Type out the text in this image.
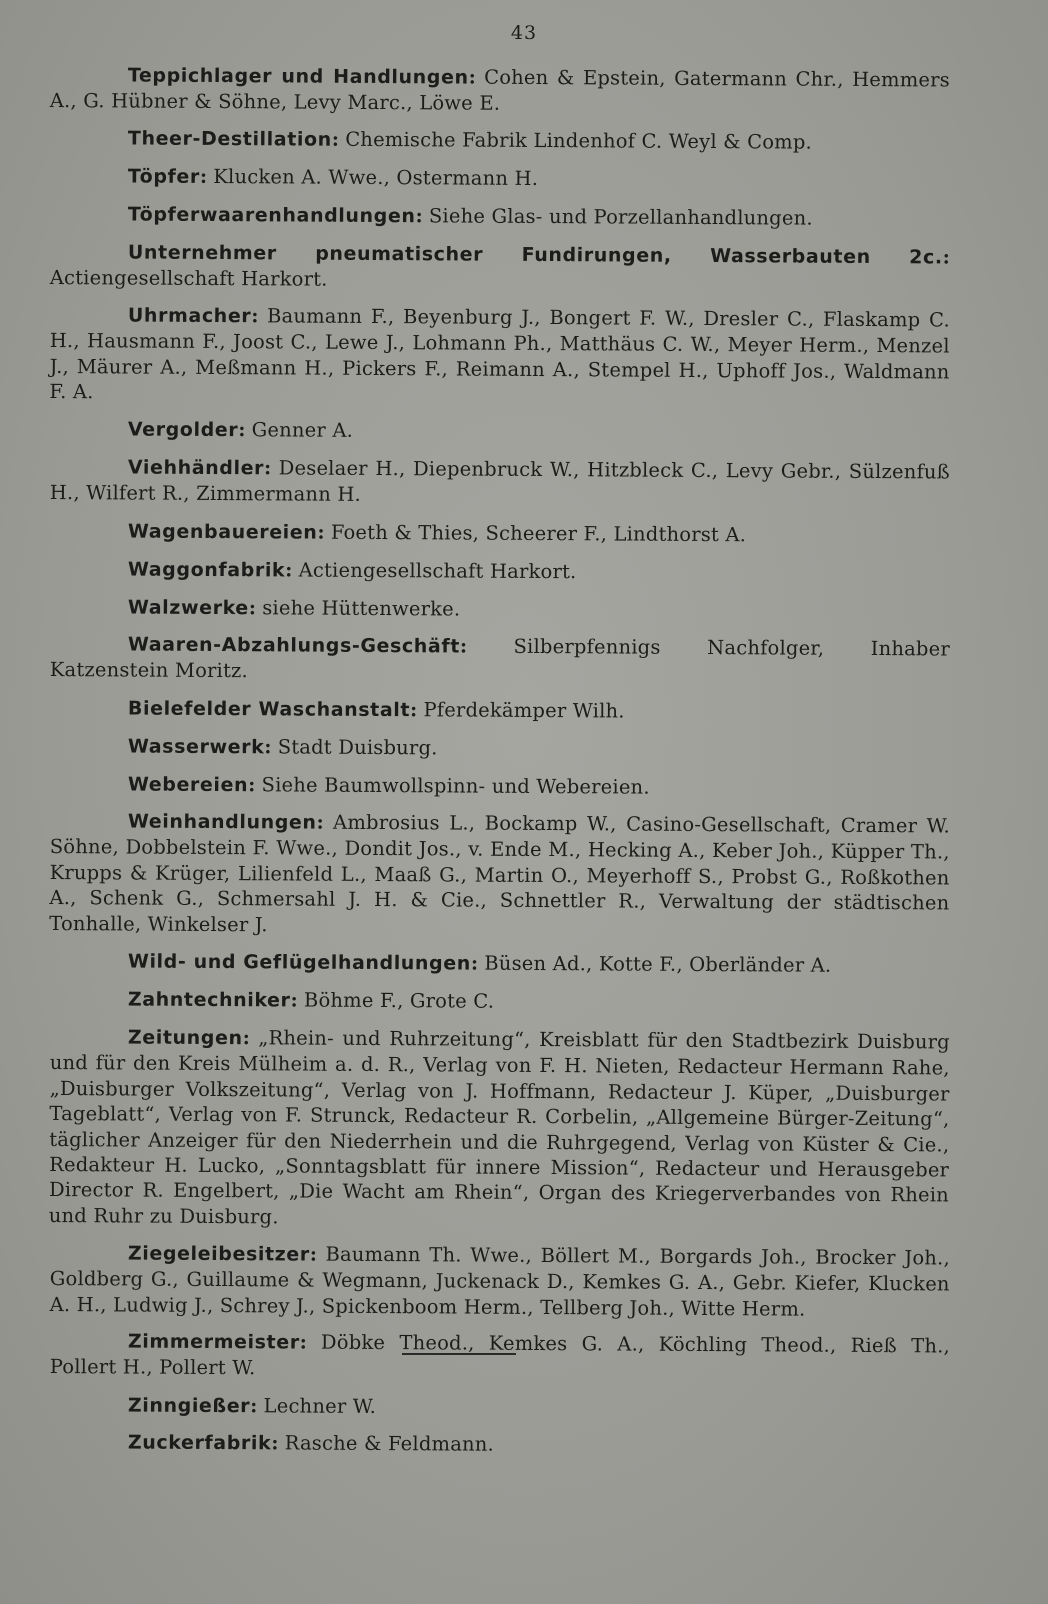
43

Teppichlager und Handlungen: Cohen & Epstein, Gatermann Chr., Hemmers A., G. Hübner & Söhne, Levy Marc., Löwe E.

Theer-Destillation: Chemische Fabrik Lindenhof C. Weyl & Comp.

Töpfer: Klucken A. Wwe., Ostermann H.

Töpferwaarenhandlungen: Siehe Glas- und Porzellanhandlungen.

Unternehmer pneumatischer Fundirungen, Wasserbauten 2c.: Actiengesellschaft Harkort.

Uhrmacher: Baumann F., Beyenburg J., Bongert F. W., Dresler C., Flaskamp C. H., Hausmann F., Joost C., Lewe J., Lohmann Ph., Matthäus C. W., Meyer Herm., Menzel J., Mäurer A., Meßmann H., Pickers F., Reimann A., Stempel H., Uphoff Jos., Waldmann F. A.

Vergolder: Genner A.

Viehhändler: Deselaer H., Diepenbruck W., Hitzbleck C., Levy Gebr., Sülzenfuß H., Wilfert R., Zimmermann H.

Wagenbauereien: Foeth & Thies, Scheerer F., Lindthorst A.

Waggonfabrik: Actiengesellschaft Harkort.

Walzwerke: siehe Hüttenwerke.

Waaren-Abzahlungs-Geschäft: Silberpfennigs Nachfolger, Inhaber Katzenstein Moritz.

Bielefelder Waschanstalt: Pferdekämper Wilh.

Wasserwerk: Stadt Duisburg.

Webereien: Siehe Baumwollspinn- und Webereien.

Weinhandlungen: Ambrosius L., Bockamp W., Casino-Gesellschaft, Cramer W. Söhne, Dobbelstein F. Wwe., Dondit Jos., v. Ende M., Hecking A., Keber Joh., Küpper Th., Krupps & Krüger, Lilienfeld L., Maaß G., Martin O., Meyerhoff S., Probst G., Roßkothen A., Schenk G., Schmersahl J. H. & Cie., Schnettler R., Verwaltung der städtischen Tonhalle, Winkelser J.

Wild- und Geflügelhandlungen: Büsen Ad., Kotte F., Oberländer A.

Zahntechniker: Böhme F., Grote C.

Zeitungen: „Rhein- und Ruhrzeitung“, Kreisblatt für den Stadtbezirk Duisburg und für den Kreis Mülheim a. d. R., Verlag von F. H. Nieten, Redacteur Hermann Rahe, „Duisburger Volkszeitung“, Verlag von J. Hoffmann, Redacteur J. Küper, „Duisburger Tageblatt“, Verlag von F. Strunck, Redacteur R. Corbelin, „Allgemeine Bürger-Zeitung“, täglicher Anzeiger für den Niederrhein und die Ruhrgegend, Verlag von Küster & Cie., Redakteur H. Lucko, „Sonntagsblatt für innere Mission“, Redacteur und Herausgeber Director R. Engelbert, „Die Wacht am Rhein“, Organ des Kriegerverbandes von Rhein und Ruhr zu Duisburg.

Ziegeleibesitzer: Baumann Th. Wwe., Böllert M., Borgards Joh., Brocker Joh., Goldberg G., Guillaume & Wegmann, Juckenack D., Kemkes G. A., Gebr. Kiefer, Klucken A. H., Ludwig J., Schrey J., Spickenboom Herm., Tellberg Joh., Witte Herm.

Zimmermeister: Döbke Theod., Kemkes G. A., Köchling Theod., Rieß Th., Pollert H., Pollert W.

Zinngießer: Lechner W.

Zuckerfabrik: Rasche & Feldmann.
